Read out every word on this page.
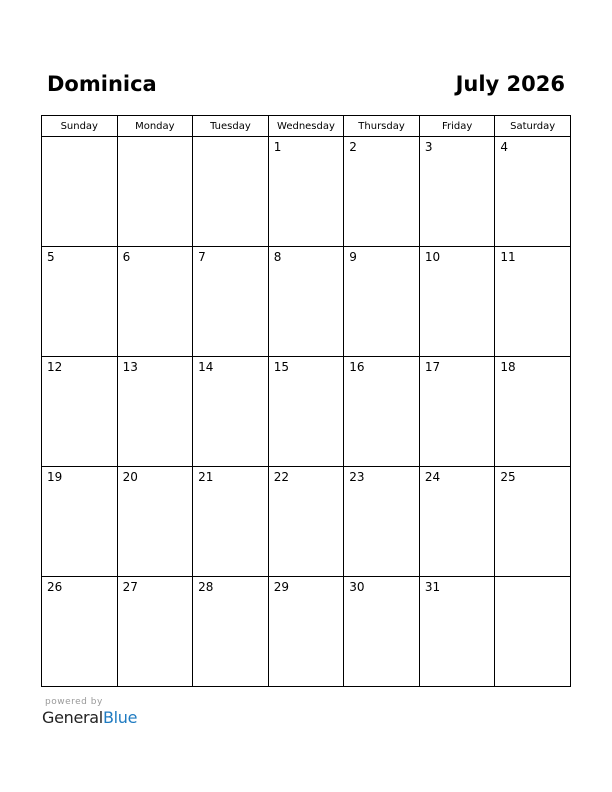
Dominica	July 2026
Sunday	Monday	Tuesday	Wednesday	Thursday	Friday	Saturday

			1	2	3	4

5	6	7	8	9	10	11

12	13	14	15	16	17	18

19	20	21	22	23	24	25

26	27	28	29	30	31	

powered by
GeneralBlue
